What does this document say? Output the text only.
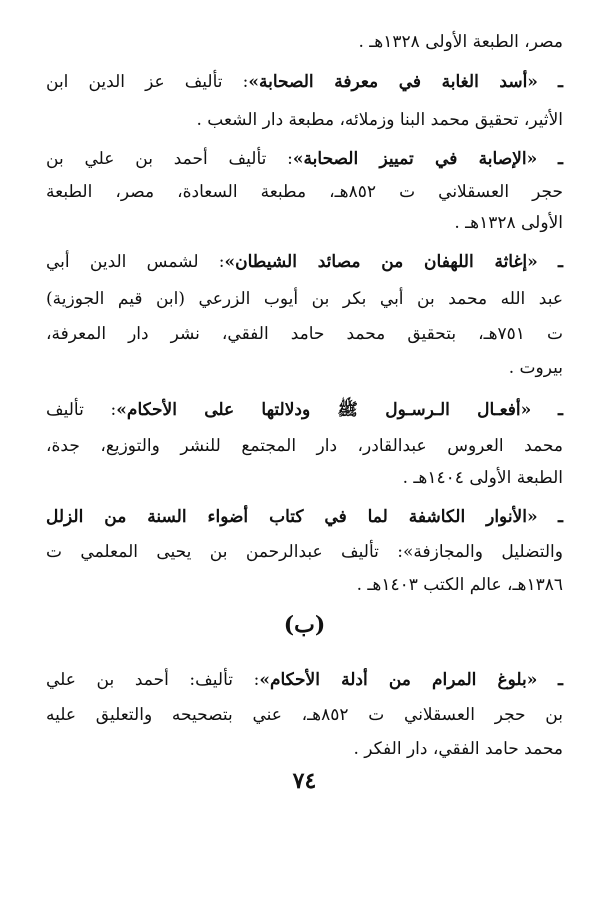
مصر، الطبعة الأولى ١٣٢٨هـ .
ـ «أسد الغابة في معرفة الصحابة»: تأليف عز الدين ابن
الأثير، تحقيق محمد البنا وزملائه، مطبعة دار الشعب .
ـ «الإصابة في تمييز الصحابة»: تأليف أحمد بن علي بن
حجر العسقلاني ت ٨٥٢هـ، مطبعة السعادة، مصر، الطبعة
الأولى ١٣٢٨هـ .
ـ «إغاثة اللهفان من مصائد الشيطان»: لشمس الدين أبي
عبد الله محمد بن أبي بكر بن أيوب الزرعي (ابن قيم الجوزية)
ت ٧٥١هـ، بتحقيق محمد حامد الفقي، نشر دار المعرفة،
بيروت .
ـ «أفعـال الـرسـول ﷺ ودلالتها على الأحكام»: تأليف
محمد العروس عبدالقادر، دار المجتمع للنشر والتوزيع، جدة،
الطبعة الأولى ١٤٠٤هـ .
ـ «الأنوار الكاشفة لما في كتاب أضواء السنة من الزلل
والتضليل والمجازفة»: تأليف عبدالرحمن بن يحيى المعلمي ت
١٣٨٦هـ، عالم الكتب ١٤٠٣هـ .
(ب)
ـ «بلوغ المرام من أدلة الأحكام»: تأليف: أحمد بن علي
بن حجر العسقلاني ت ٨٥٢هـ، عني بتصحيحه والتعليق عليه
محمد حامد الفقي، دار الفكر .
٧٤
